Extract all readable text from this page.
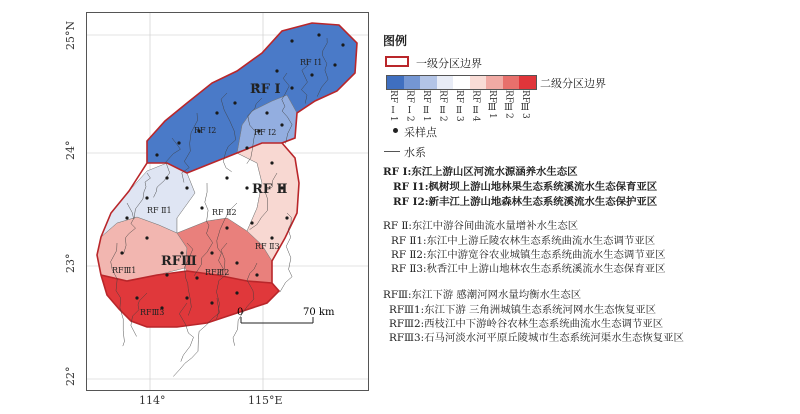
RF Ⅰ
RF Ⅰ1
RF Ⅰ2	RF Ⅰ2
RF Ⅱ
RF Ⅱ1	RF Ⅱ2
RF Ⅱ3
RFⅢ
RFⅢ1	RFⅢ2
RFⅢ3	0	70 km
25°N
24°
23°
22°
114°	115°E
图例
一级分区边界
二级分区边界
RF Ⅰ1 RF Ⅰ2 RF Ⅱ1 RF Ⅱ2 RF Ⅱ3 RF Ⅱ4 RFⅢ1 RFⅢ2 RFⅢ3
采样点
水系
RF Ⅰ:东江上游山区河流水源涵养水生态区
RF Ⅰ1:枫树坝上游山地林果生态系统溪流水生态保育亚区
RF Ⅰ2:新丰江上游山地森林生态系统溪流水生态保护亚区
RF Ⅱ:东江中游谷间曲流水量增补水生态区
RF Ⅱ1:东江中上游丘陵农林生态系统曲流水生态调节亚区
RF Ⅱ2:东江中游宽谷农业城镇生态系统曲流水生态调节亚区
RF Ⅱ3:秋香江中上游山地林农生态系统溪流水生态保育亚区
RFⅢ:东江下游 感潮河网水量均衡水生态区
RFⅢ1:东江下游 三角洲城镇生态系统河网水生态恢复亚区
RFⅢ2:西枝江中下游岭谷农林生态系统曲流水生态调节亚区
RFⅢ3:石马河淡水河平原丘陵城市生态系统河渠水生态恢复亚区
